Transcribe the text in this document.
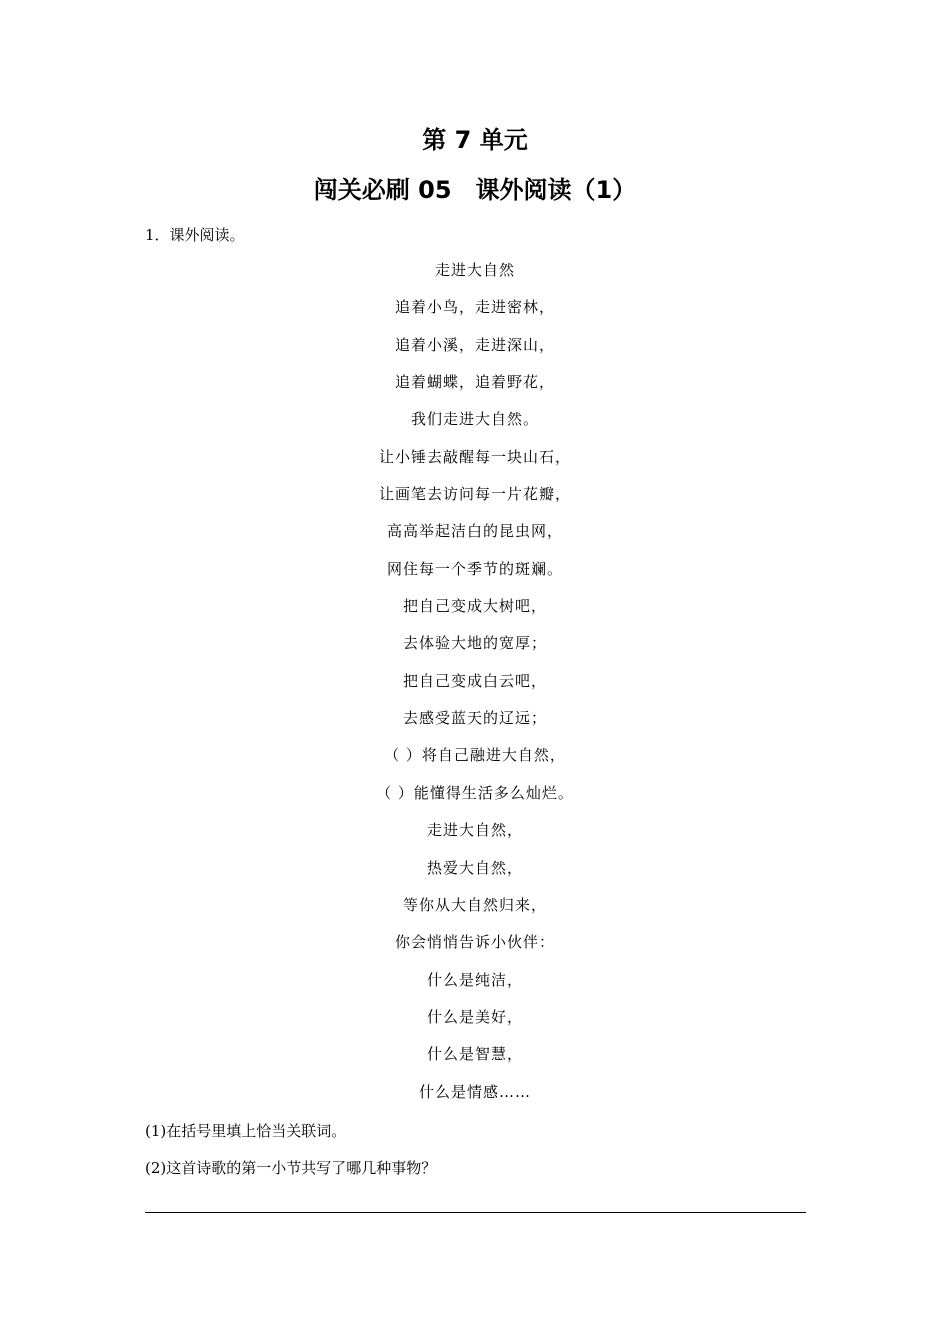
第 7 单元
闯关必刷 05　课外阅读（1）
1．课外阅读。
走进大自然
追着小鸟，走进密林，
追着小溪，走进深山，
追着蝴蝶，追着野花，
我们走进大自然。
让小锤去敲醒每一块山石，
让画笔去访问每一片花瓣，
高高举起洁白的昆虫网，
网住每一个季节的斑斓。
把自己变成大树吧，
去体验大地的宽厚；
把自己变成白云吧，
去感受蓝天的辽远；
（ ）将自己融进大自然，
（ ）能懂得生活多么灿烂。
走进大自然，
热爱大自然，
等你从大自然归来，
你会悄悄告诉小伙伴：
什么是纯洁，
什么是美好，
什么是智慧，
什么是情感……
(1)在括号里填上恰当关联词。
(2)这首诗歌的第一小节共写了哪几种事物？
